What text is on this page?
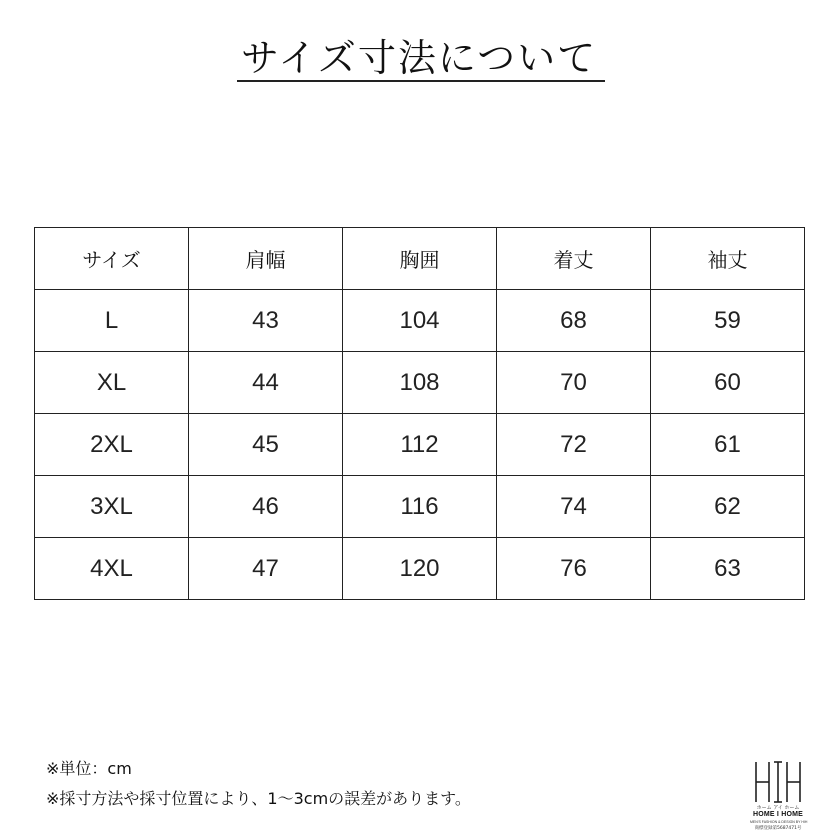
サイズ寸法について
サイズ	肩幅	胸囲	着丈	袖丈
L	43	104	68	59
XL	44	108	70	60
2XL	45	112	72	61
3XL	46	116	74	62
4XL	47	120	76	63
※単位：cm
※採寸方法や採寸位置により、1～3cmの誤差があります。	ホーム アイ ホーム
HOME I HOME
MEN'S FASHION & DESIGN BY HIH
商標登録第5687471号
